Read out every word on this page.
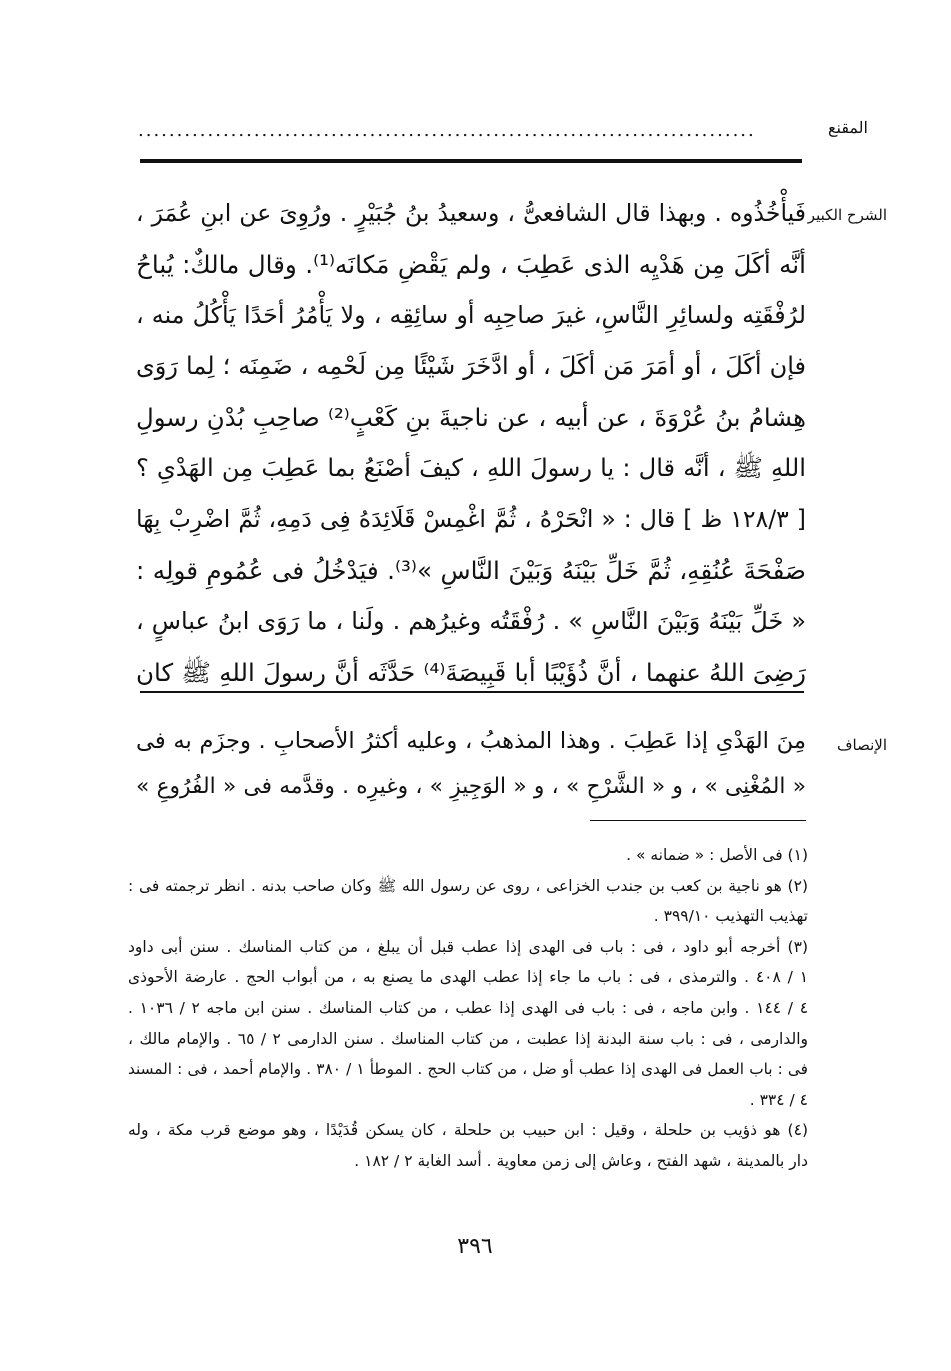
المقنع
................................................................................
الشرح الكبير
فَيأْخُذُوه . وبهذا قال الشافعىُّ ، وسعيدُ بنُ جُبَيْرٍ . ورُوِىَ عن ابنِ عُمَرَ ،
أنَّه أكَلَ مِن هَدْيِه الذى عَطِبَ ، ولم يَقْضِ مَكانَه⁽¹⁾. وقال مالكٌ: يُباحُ
لرُفْقَتِه ولسائِرِ النَّاسِ، غيرَ صاحِبِه أو سائِقِه ، ولا يَأْمُرُ أحَدًا يَأْكُلُ منه ،
فإن أكَلَ ، أو أمَرَ مَن أكَلَ ، أو ادَّخَرَ شَيْئًا مِن لَحْمِه ، ضَمِنَه ؛ لِما رَوَى
هِشامُ بنُ عُرْوَةَ ، عن أبيه ، عن ناجيةَ بنِ كَعْبٍ⁽²⁾ صاحِبِ بُدْنِ رسولِ
اللهِ ﷺ ، أنَّه قال : يا رسولَ اللهِ ، كيفَ أصْنَعُ بما عَطِبَ مِن الهَدْىِ ؟
[ ١٢٨/٣ ظ ] قال : « انْحَرْهُ ، ثُمَّ اغْمِسْ قَلَائِدَهُ فِى دَمِهِ، ثُمَّ اضْرِبْ بِهَا
صَفْحَةَ عُنُقِهِ، ثُمَّ خَلِّ بَيْنَهُ وَبَيْنَ النَّاسِ »⁽³⁾. فيَدْخُلُ فى عُمُومِ قولِه :
« خَلِّ بَيْنَهُ وَبَيْنَ النَّاسِ » . رُفْقَتُه وغيرُهم . ولَنا ، ما رَوَى ابنُ عباسٍ ،
رَضِىَ اللهُ عنهما ، أنَّ ذُؤَيْبًا أبا قَبِيصَةَ⁽⁴⁾ حَدَّثَه أنَّ رسولَ اللهِ ﷺ كان
الإنصاف
مِنَ الهَدْىِ إذا عَطِبَ . وهذا المذهبُ ، وعليه أكثرُ الأصحابِ . وجزَم به فى
« المُغْنِى » ، و « الشَّرْحِ » ، و « الوَجِيزِ » ، وغيرِه . وقدَّمه فى « الفُرُوعِ »
(١) فى الأصل : « ضمانه » .
(٢) هو ناجية بن كعب بن جندب الخزاعى ، روى عن رسول الله ﷺ وكان صاحب بدنه . انظر ترجمته فى :
تهذيب التهذيب ٣٩٩/١٠ .
(٣) أخرجه أبو داود ، فى : باب فى الهدى إذا عطب قبل أن يبلغ ، من كتاب المناسك . سنن أبى داود
١ / ٤٠٨ . والترمذى ، فى : باب ما جاء إذا عطب الهدى ما يصنع به ، من أبواب الحج . عارضة الأحوذى
٤ / ١٤٤ . وابن ماجه ، فى : باب فى الهدى إذا عطب ، من كتاب المناسك . سنن ابن ماجه ٢ / ١٠٣٦ .
والدارمى ، فى : باب سنة البدنة إذا عطبت ، من كتاب المناسك . سنن الدارمى ٢ / ٦٥ . والإمام مالك ،
فى : باب العمل فى الهدى إذا عطب أو ضل ، من كتاب الحج . الموطأ ١ / ٣٨٠ . والإمام أحمد ، فى : المسند
٤ / ٣٣٤ .
(٤) هو ذؤيب بن حلحلة ، وقيل : ابن حبيب بن حلحلة ، كان يسكن قُدَيْدًا ، وهو موضع قرب مكة ، وله
دار بالمدينة ، شهد الفتح ، وعاش إلى زمن معاوية . أسد الغابة ٢ / ١٨٢ .
٣٩٦
